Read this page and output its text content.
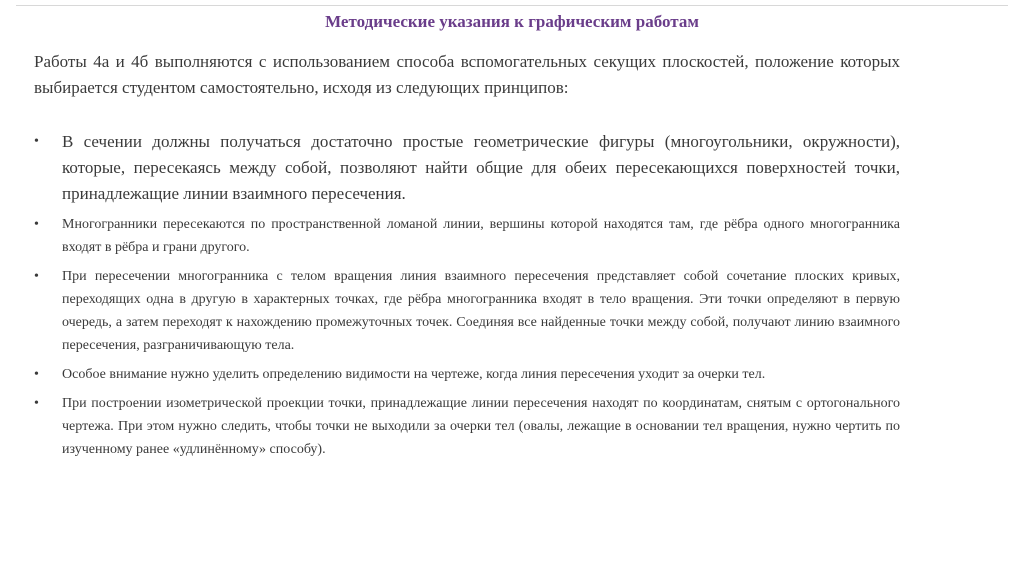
Методические указания к графическим работам

Работы 4а и 4б выполняются с использованием способа вспомогательных секущих плоскостей, положение которых выбирается студентом самостоятельно, исходя из следующих принципов:

• В сечении должны получаться достаточно простые геометрические фигуры (многоугольники, окружности), которые, пересекаясь между собой, позволяют найти общие для обеих пересекающихся поверхностей точки, принадлежащие линии взаимного пересечения.
• Многогранники пересекаются по пространственной ломаной линии, вершины которой находятся там, где рёбра одного многогранника входят в рёбра и грани другого.
• При пересечении многогранника с телом вращения линия взаимного пересечения представляет собой сочетание плоских кривых, переходящих одна в другую в характерных точках, где рёбра многогранника входят в тело вращения. Эти точки определяют в первую очередь, а затем переходят к нахождению промежуточных точек. Соединяя все найденные точки между собой, получают линию взаимного пересечения, разграничивающую тела.
• Особое внимание нужно уделить определению видимости на чертеже, когда линия пересечения уходит за очерки тел.
• При построении изометрической проекции точки, принадлежащие линии пересечения находят по координатам, снятым с ортогонального чертежа. При этом нужно следить, чтобы точки не выходили за очерки тел (овалы, лежащие в основании тел вращения, нужно чертить по изученному ранее «удлинённому» способу).
